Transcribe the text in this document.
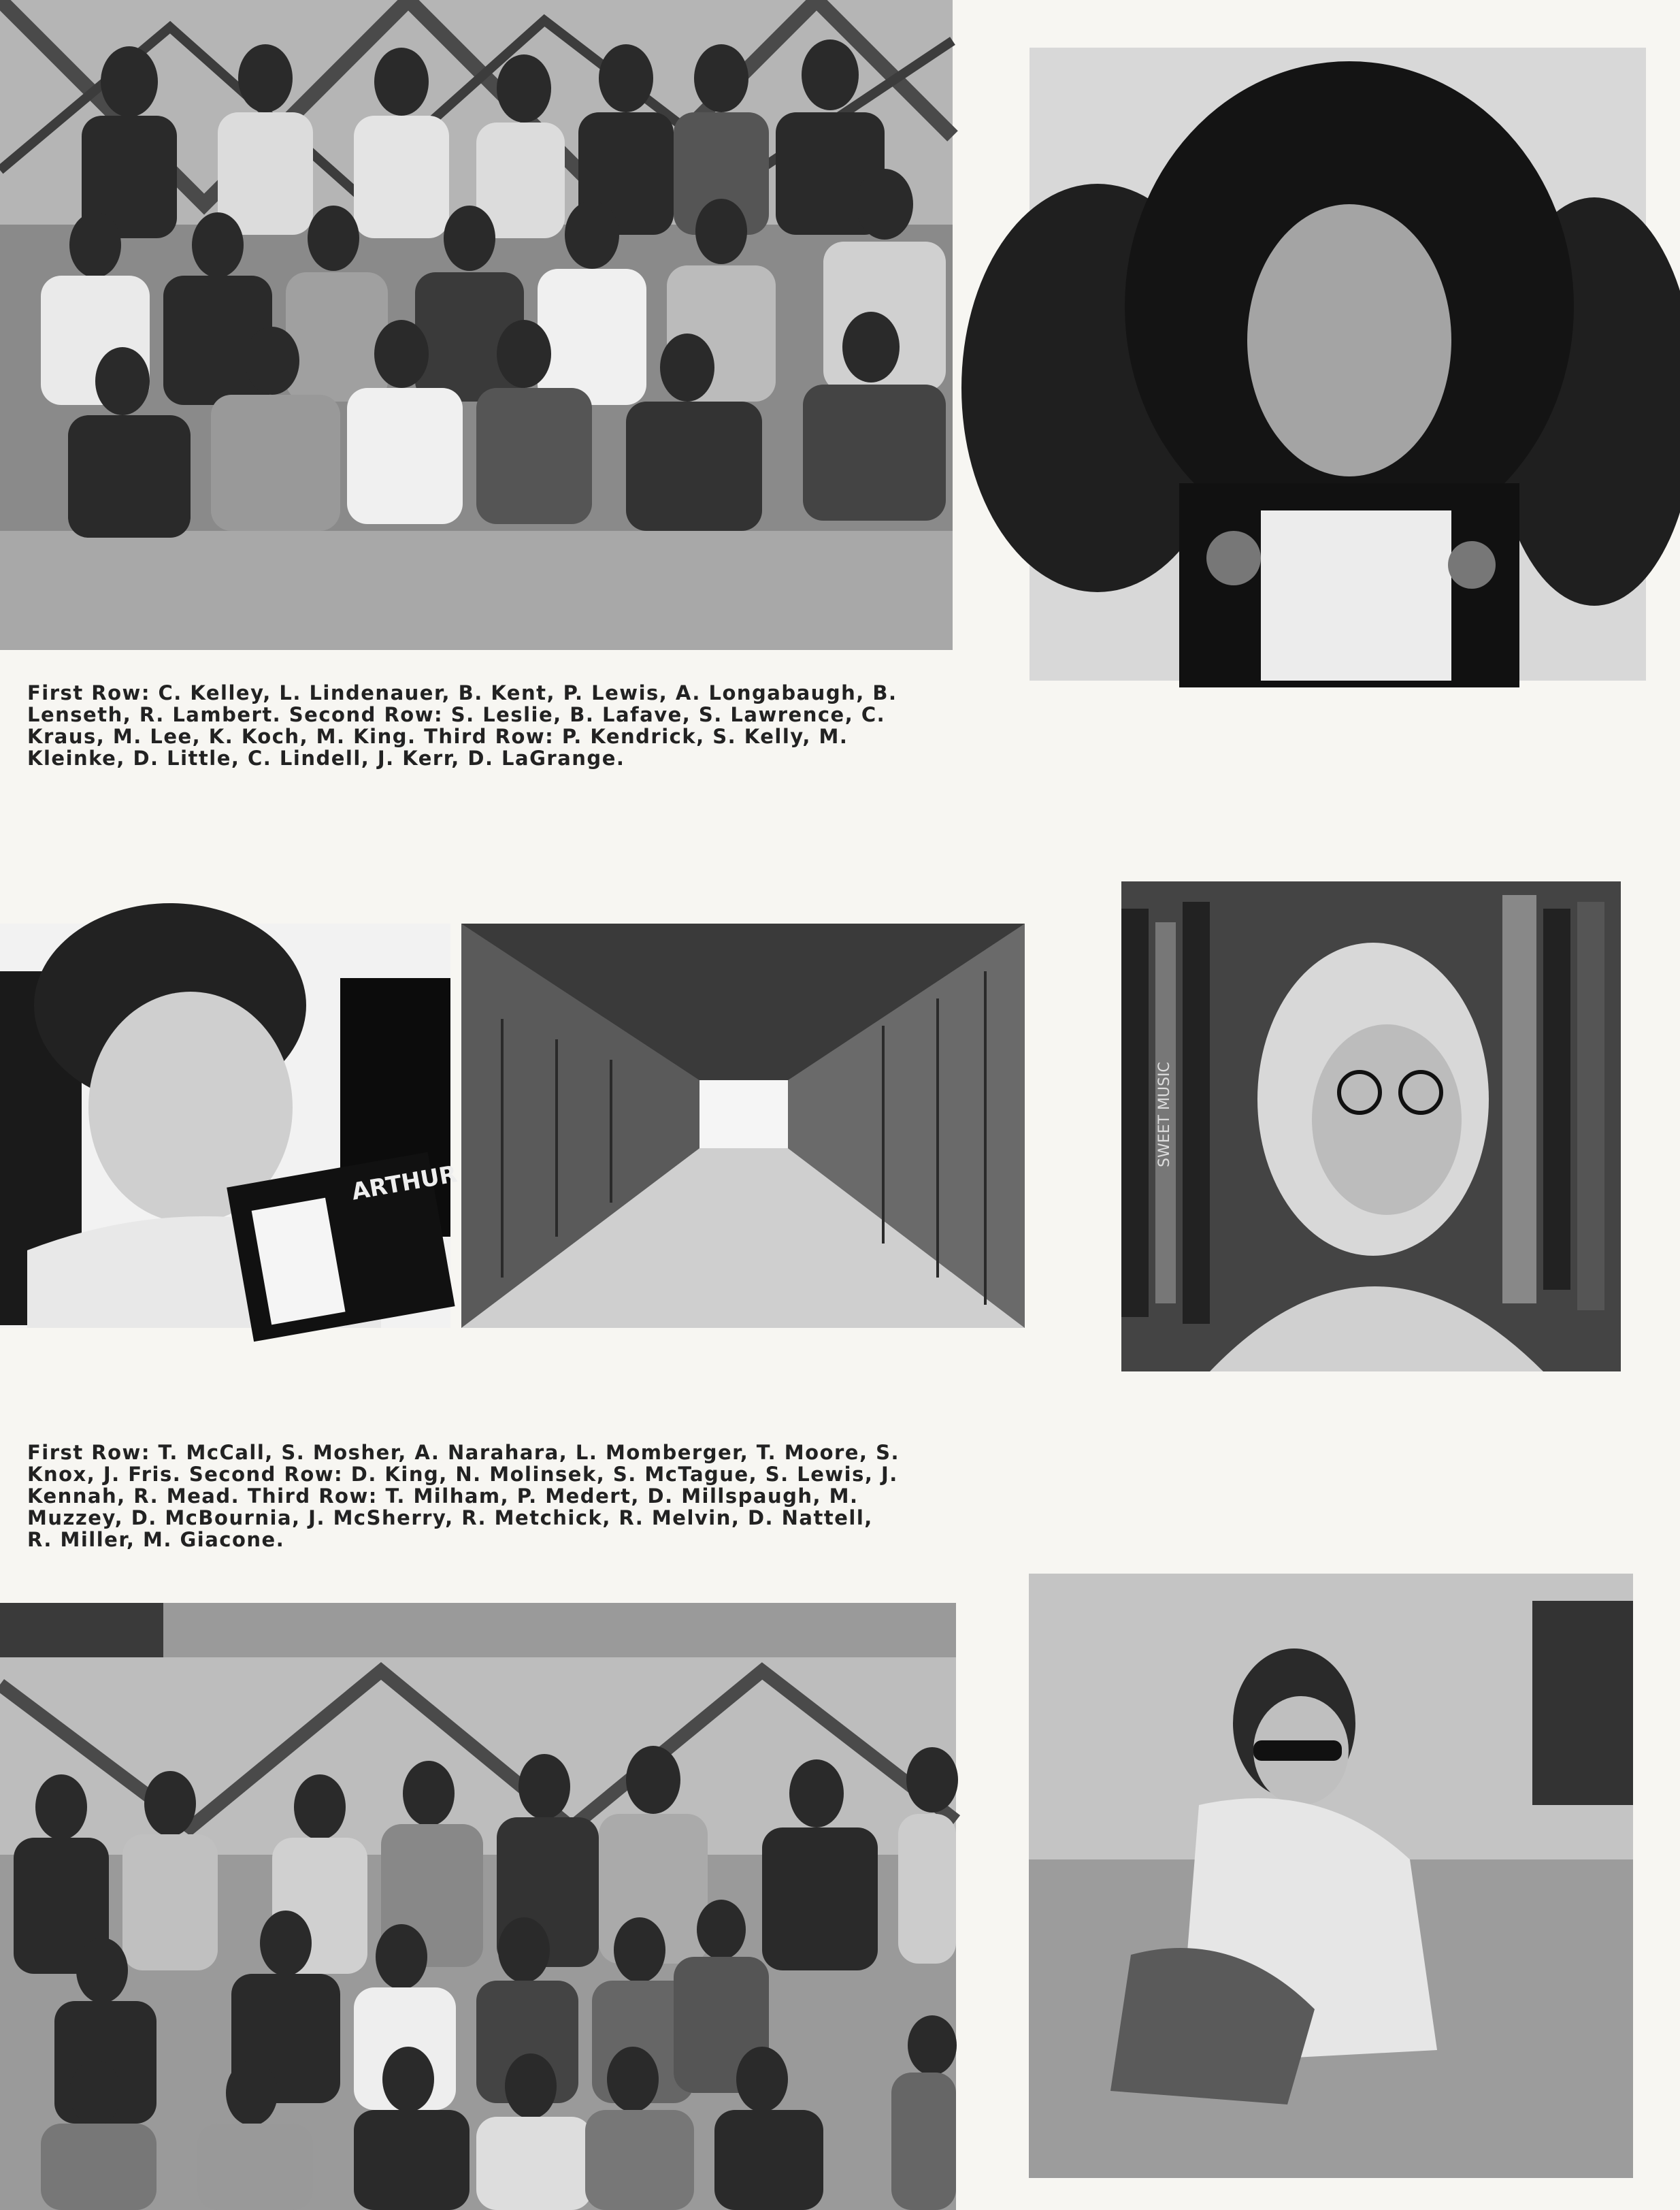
First Row: C. Kelley, L. Lindenauer, B. Kent, P. Lewis, A. Longabaugh, B.
Lenseth, R. Lambert. Second Row: S. Leslie, B. Lafave, S. Lawrence, C.
Kraus, M. Lee, K. Koch, M. King. Third Row: P. Kendrick, S. Kelly, M.
Kleinke, D. Little, C. Lindell, J. Kerr, D. LaGrange.
ARTHUR
SWEET MUSIC
First Row: T. McCall, S. Mosher, A. Narahara, L. Momberger, T. Moore, S.
Knox, J. Fris. Second Row: D. King, N. Molinsek, S. McTague, S. Lewis, J.
Kennah, R. Mead. Third Row: T. Milham, P. Medert, D. Millspaugh, M.
Muzzey, D. McBournia, J. McSherry, R. Metchick, R. Melvin, D. Nattell,
R. Miller, M. Giacone.
